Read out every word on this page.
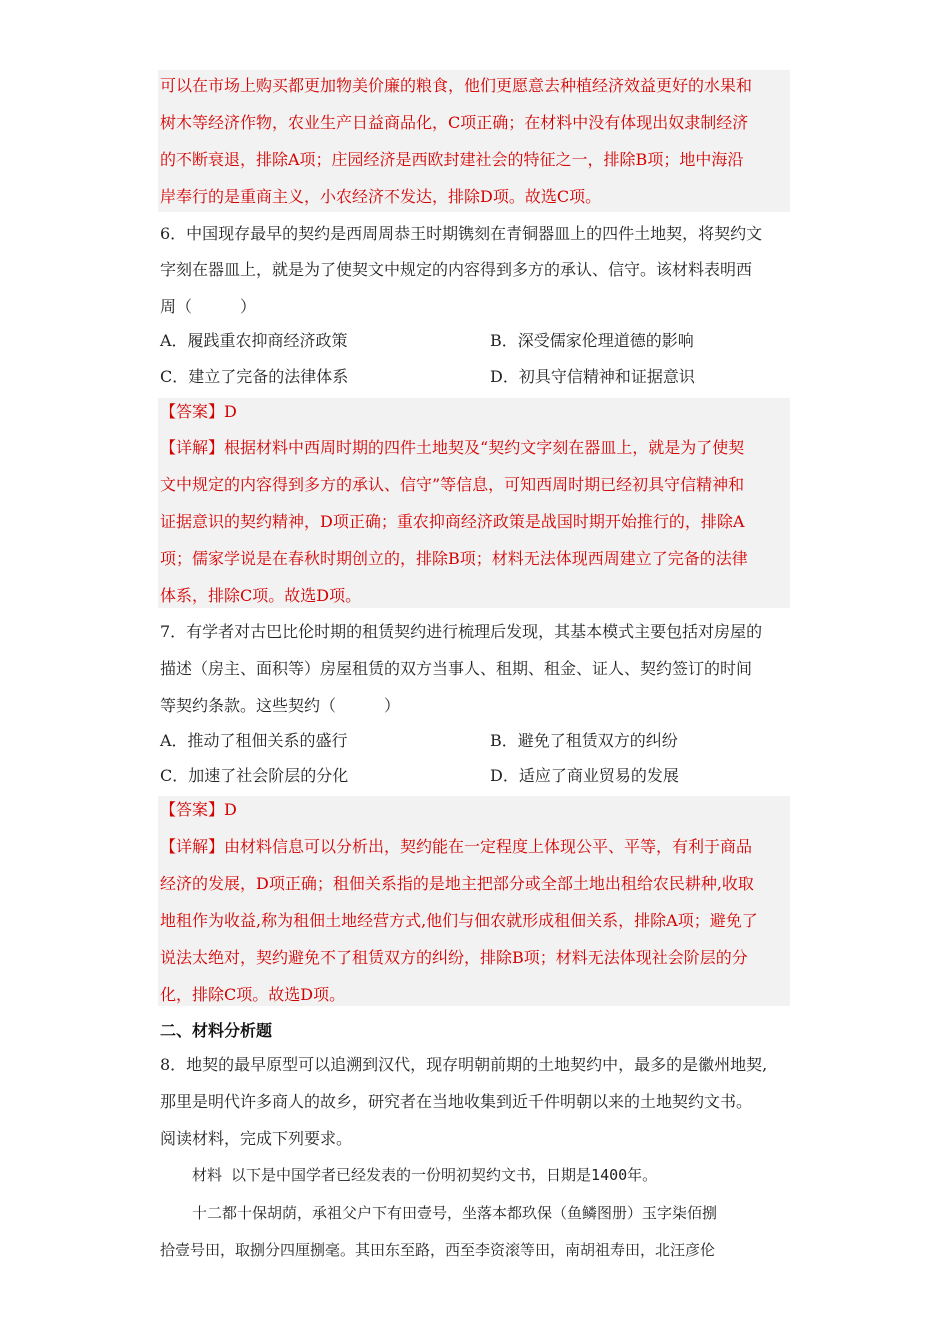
可以在市场上购买都更加物美价廉的粮食，他们更愿意去种植经济效益更好的水果和
树木等经济作物，农业生产日益商品化，C项正确；在材料中没有体现出奴隶制经济
的不断衰退，排除A项；庄园经济是西欧封建社会的特征之一，排除B项；地中海沿
岸奉行的是重商主义，小农经济不发达，排除D项。故选C项。
6．中国现存最早的契约是西周周恭王时期镌刻在青铜器皿上的四件土地契，将契约文
字刻在器皿上，就是为了使契文中规定的内容得到多方的承认、信守。该材料表明西
周（　　　）
A．履践重农抑商经济政策	B．深受儒家伦理道德的影响
C．建立了完备的法律体系	D．初具守信精神和证据意识
【答案】D
【详解】根据材料中西周时期的四件土地契及“契约文字刻在器皿上，就是为了使契
文中规定的内容得到多方的承认、信守”等信息，可知西周时期已经初具守信精神和
证据意识的契约精神，D项正确；重农抑商经济政策是战国时期开始推行的，排除A
项；儒家学说是在春秋时期创立的，排除B项；材料无法体现西周建立了完备的法律
体系，排除C项。故选D项。
7．有学者对古巴比伦时期的租赁契约进行梳理后发现，其基本模式主要包括对房屋的
描述（房主、面积等）房屋租赁的双方当事人、租期、租金、证人、契约签订的时间
等契约条款。这些契约（　　　）
A．推动了租佃关系的盛行	B．避免了租赁双方的纠纷
C．加速了社会阶层的分化	D．适应了商业贸易的发展
【答案】D
【详解】由材料信息可以分析出，契约能在一定程度上体现公平、平等，有利于商品
经济的发展，D项正确；租佃关系指的是地主把部分或全部土地出租给农民耕种,收取
地租作为收益,称为租佃土地经营方式,他们与佃农就形成租佃关系，排除A项；避免了
说法太绝对，契约避免不了租赁双方的纠纷，排除B项；材料无法体现社会阶层的分
化，排除C项。故选D项。
二、材料分析题
8．地契的最早原型可以追溯到汉代，现存明朝前期的土地契约中，最多的是徽州地契,
那里是明代许多商人的故乡，研究者在当地收集到近千件明朝以来的土地契约文书。
阅读材料，完成下列要求。
材料 以下是中国学者已经发表的一份明初契约文书，日期是1400年。
十二都十保胡荫，承祖父户下有田壹号，坐落本都玖保（鱼鳞图册）玉字柒佰捌
拾壹号田，取捌分四厘捌毫。其田东至路，西至李资滚等田，南胡祖寿田，北汪彦伦
